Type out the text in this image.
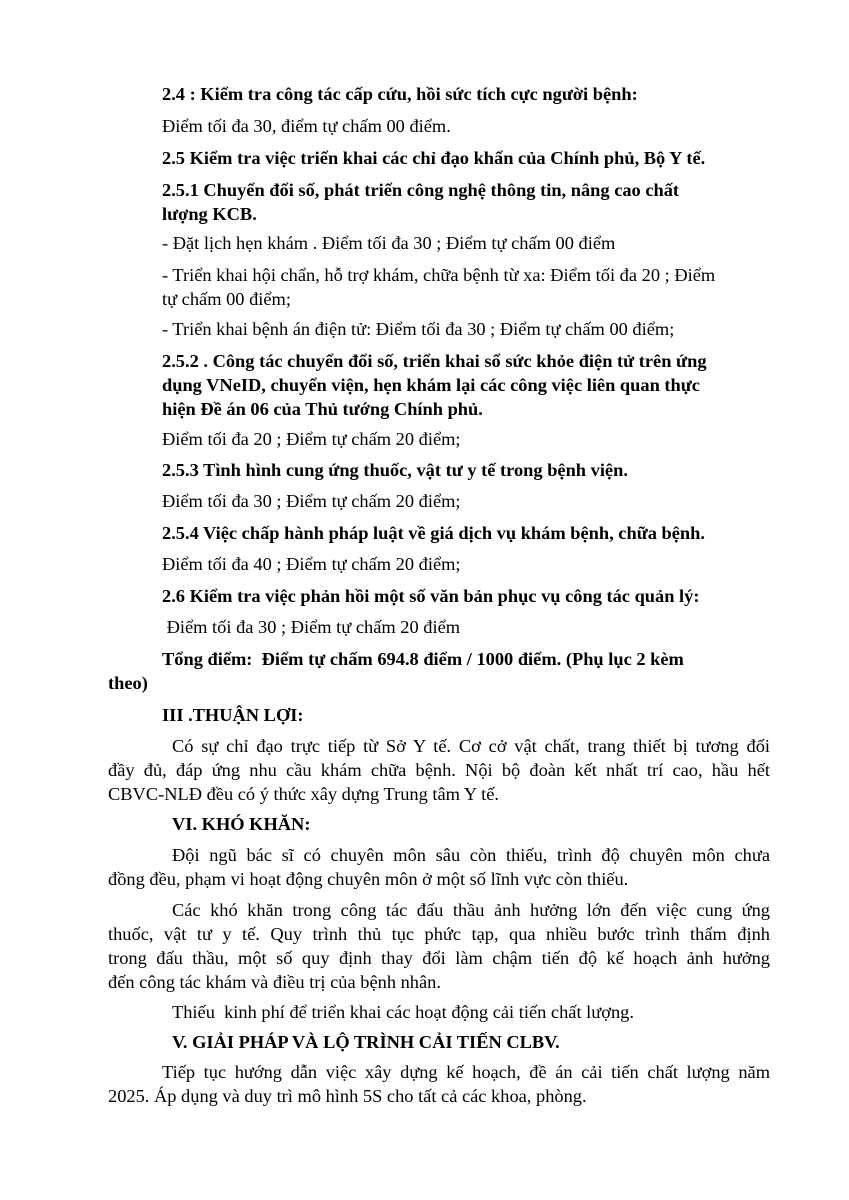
2.4 : Kiểm tra công tác cấp cứu, hồi sức tích cực người bệnh:

Điểm tối đa 30, điểm tự chấm 00 điểm.

2.5 Kiểm tra việc triển khai các chỉ đạo khẩn của Chính phủ, Bộ Y tế.

2.5.1 Chuyển đổi số, phát triển công nghệ thông tin, nâng cao chất

lượng KCB.

- Đặt lịch hẹn khám . Điểm tối đa 30 ; Điểm tự chấm 00 điểm

- Triển khai hội chẩn, hỗ trợ khám, chữa bệnh từ xa: Điểm tối đa 20 ; Điểm

tự chấm 00 điểm;

- Triển khai bệnh án điện tử: Điểm tối đa 30 ; Điểm tự chấm 00 điểm;

2.5.2 . Công tác chuyển đổi số, triển khai sổ sức khỏe điện tử trên ứng

dụng VNeID, chuyển viện, hẹn khám lại các công việc liên quan thực

hiện Đề án 06 của Thủ tướng Chính phủ.

Điểm tối đa 20 ; Điểm tự chấm 20 điểm;

2.5.3 Tình hình cung ứng thuốc, vật tư y tế trong bệnh viện.

Điểm tối đa 30 ; Điểm tự chấm 20 điểm;

2.5.4 Việc chấp hành pháp luật về giá dịch vụ khám bệnh, chữa bệnh.

Điểm tối đa 40 ; Điểm tự chấm 20 điểm;

2.6 Kiểm tra việc phản hồi một số văn bản phục vụ công tác quản lý:

Điểm tối đa 30 ; Điểm tự chấm 20 điểm

Tổng điểm:  Điểm tự chấm 694.8 điểm / 1000 điểm. (Phụ lục 2 kèm

theo)

III .THUẬN LỢI:

Có sự chỉ đạo trực tiếp từ Sở Y tế. Cơ cở vật chất, trang thiết bị tương đối

đầy đủ, đáp ứng nhu cầu khám chữa bệnh. Nội bộ đoàn kết nhất trí cao, hầu hết

CBVC-NLĐ đều có ý thức xây dựng Trung tâm Y tế.

VI. KHÓ KHĂN:

Đội ngũ bác sĩ có chuyên môn sâu còn thiếu, trình độ chuyên môn chưa

đồng đều, phạm vi hoạt động chuyên môn ở một số lĩnh vực còn thiếu.

Các khó khăn trong công tác đấu thầu ảnh hưởng lớn đến việc cung ứng

thuốc, vật tư y tế. Quy trình thủ tục phức tạp, qua nhiều bước trình thẩm định

trong đấu thầu, một số quy định thay đổi làm chậm tiến độ kế hoạch ảnh hưởng

đến công tác khám và điều trị của bệnh nhân.

Thiếu  kinh phí để triển khai các hoạt động cải tiến chất lượng.

V. GIẢI PHÁP VÀ LỘ TRÌNH CẢI TIẾN CLBV.

Tiếp tục hướng dẫn việc xây dựng kế hoạch, đề án cải tiến chất lượng năm

2025. Áp dụng và duy trì mô hình 5S cho tất cả các khoa, phòng.
